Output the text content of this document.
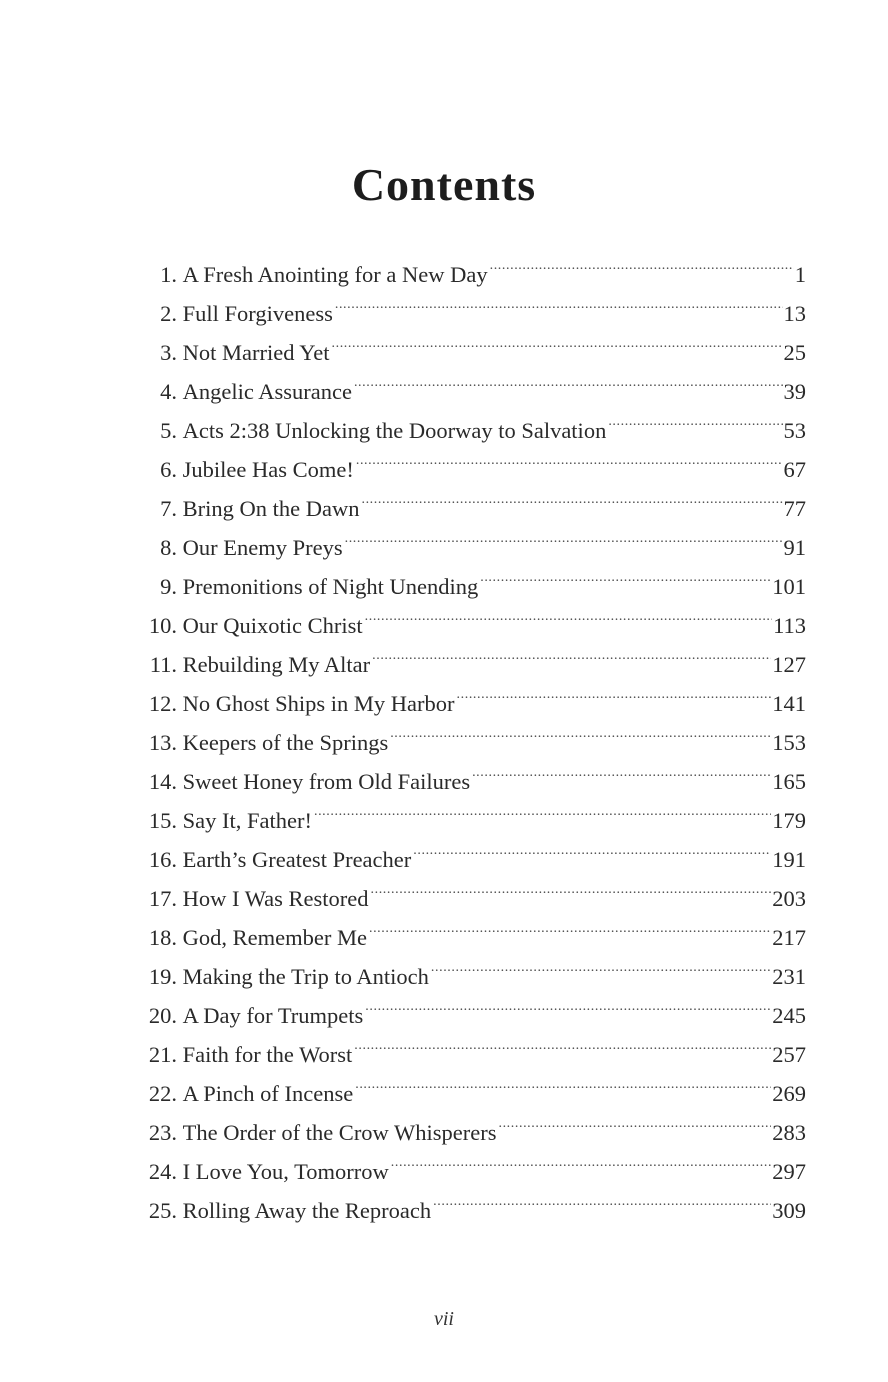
Contents
1.
A Fresh Anointing for a New Day .....	1
2.
Full Forgiveness .....	13
3.
Not Married Yet .....	25
4.
Angelic Assurance .....	39
5.
Acts 2:38 Unlocking the Doorway to Salvation .....	53
6.
Jubilee Has Come! .....	67
7.
Bring On the Dawn .....	77
8.
Our Enemy Preys .....	91
9.
Premonitions of Night Unending .....	101
10.
Our Quixotic Christ .....	113
11.
Rebuilding My Altar .....	127
12.
No Ghost Ships in My Harbor .....	141
13.
Keepers of the Springs .....	153
14.
Sweet Honey from Old Failures .....	165
15.
Say It, Father! .....	179
16.
Earth’s Greatest Preacher .....	191
17.
How I Was Restored .....	203
18.
God, Remember Me .....	217
19.
Making the Trip to Antioch .....	231
20.
A Day for Trumpets .....	245
21.
Faith for the Worst .....	257
22.
A Pinch of Incense .....	269
23.
The Order of the Crow Whisperers .....	283
24.
I Love You, Tomorrow .....	297
25.
Rolling Away the Reproach .....	309
vii
